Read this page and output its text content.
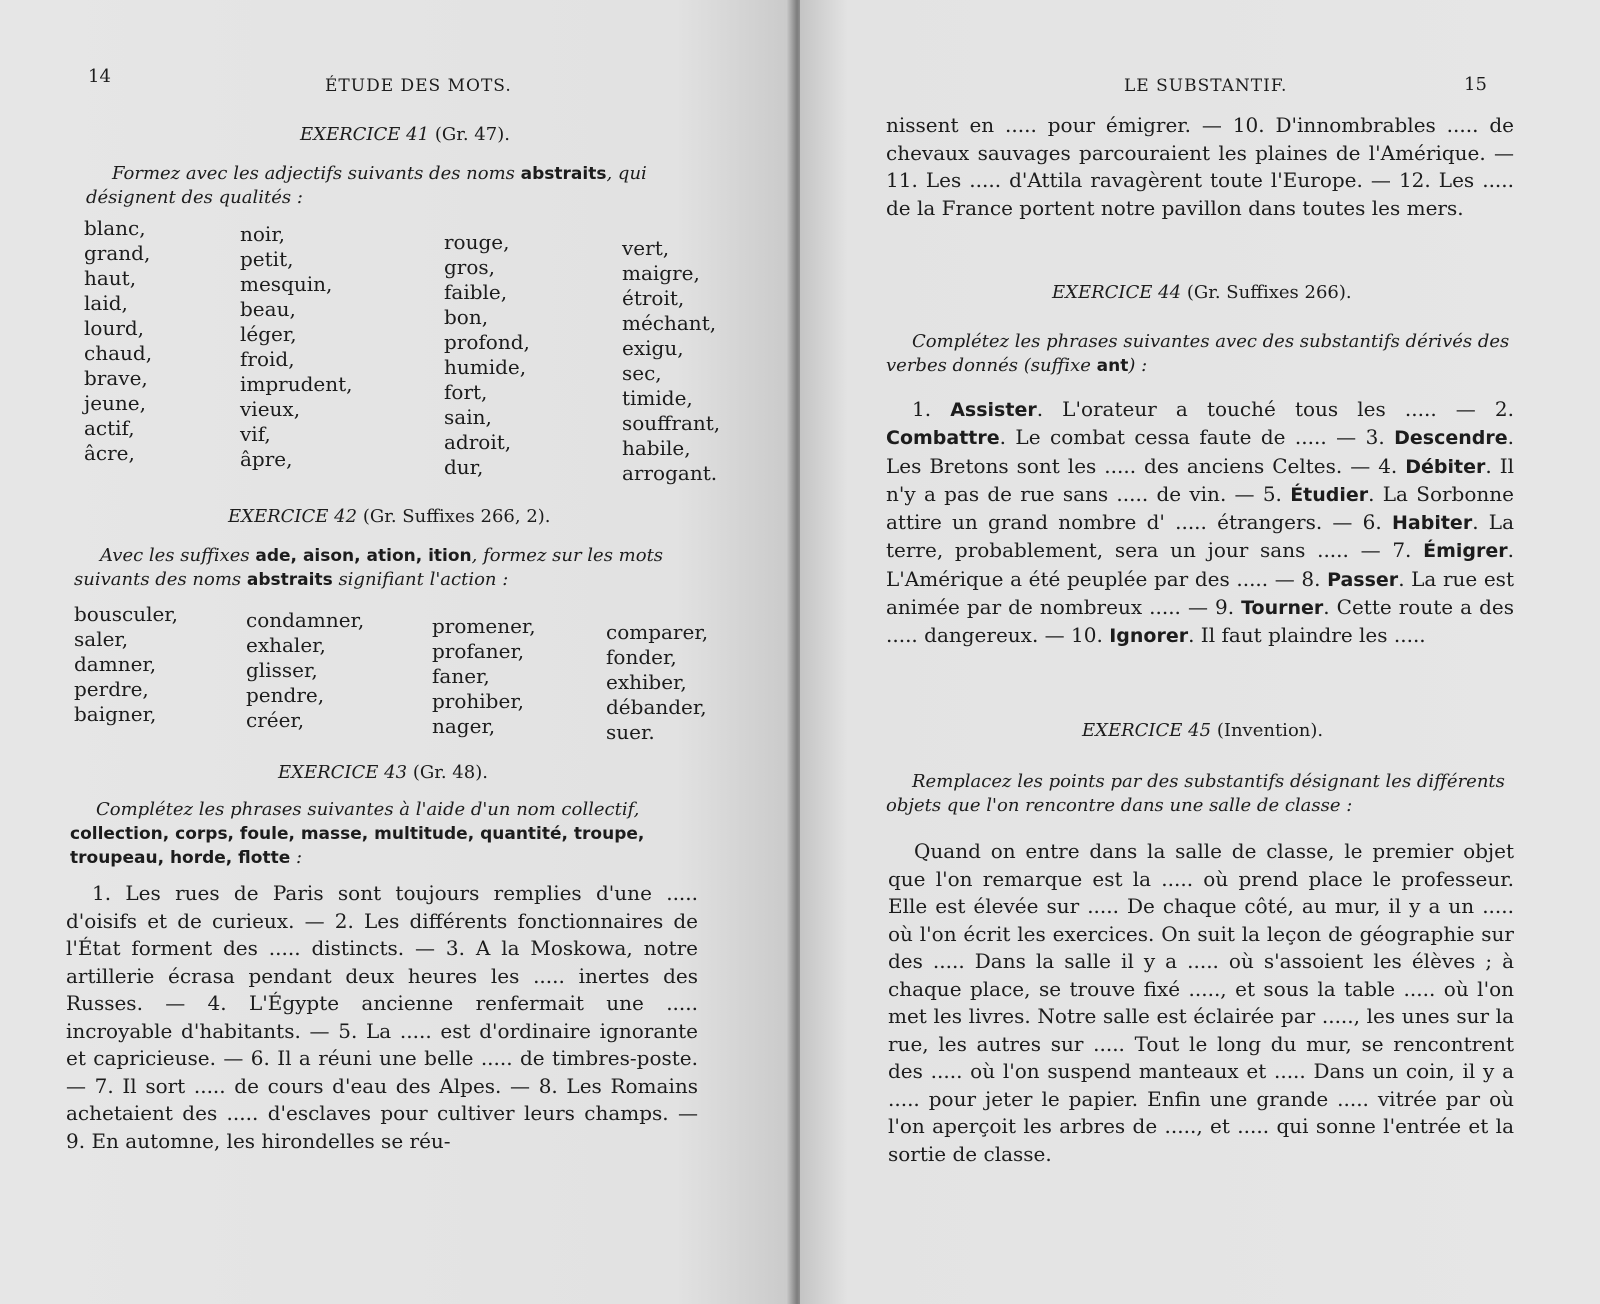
14	ÉTUDE DES MOTS.
EXERCICE 41 (Gr. 47).

Formez avec les adjectifs suivants des noms abstraits, qui désignent des qualités :

blanc,
grand,
haut,
laid,
lourd,
chaud,
brave,
jeune,
actif,
âcre,
noir,
petit,
mesquin,
beau,
léger,
froid,
imprudent,
vieux,
vif,
âpre,
rouge,
gros,
faible,
bon,
profond,
humide,
fort,
sain,
adroit,
dur,
vert,
maigre,
étroit,
méchant,
exigu,
sec,
timide,
souffrant,
habile,
arrogant.
EXERCICE 42 (Gr. Suffixes 266, 2).

Avec les suffixes ade, aison, ation, ition, formez sur les mots suivants des noms abstraits signifiant l'action :

bousculer,
saler,
damner,
perdre,
baigner,
condamner,
exhaler,
glisser,
pendre,
créer,
promener,
profaner,
faner,
prohiber,
nager,
comparer,
fonder,
exhiber,
débander,
suer.
EXERCICE 43 (Gr. 48).

Complétez les phrases suivantes à l'aide d'un nom collectif, collection, corps, foule, masse, multitude, quantité, troupe, troupeau, horde, flotte :

1. Les rues de Paris sont toujours remplies d'une ..... d'oisifs et de curieux. — 2. Les différents fonctionnaires de l'État forment des ..... distincts. — 3. A la Moskowa, notre artillerie écrasa pendant deux heures les ..... inertes des Russes. — 4. L'Égypte ancienne renfermait une ..... incroyable d'habitants. — 5. La ..... est d'ordinaire ignorante et capricieuse. — 6. Il a réuni une belle ..... de timbres-poste. — 7. Il sort ..... de cours d'eau des Alpes. — 8. Les Romains achetaient des ..... d'esclaves pour cultiver leurs champs. — 9. En automne, les hirondelles se réu-

LE SUBSTANTIF.	15

nissent en ..... pour émigrer. — 10. D'innombrables ..... de chevaux sauvages parcouraient les plaines de l'Amérique. — 11. Les ..... d'Attila ravagèrent toute l'Europe. — 12. Les ..... de la France portent notre pavillon dans toutes les mers.

EXERCICE 44 (Gr. Suffixes 266).

Complétez les phrases suivantes avec des substantifs dérivés des verbes donnés (suffixe ant) :

1. Assister. L'orateur a touché tous les ..... — 2. Combattre. Le combat cessa faute de ..... — 3. Descendre. Les Bretons sont les ..... des anciens Celtes. — 4. Débiter. Il n'y a pas de rue sans ..... de vin. — 5. Étudier. La Sorbonne attire un grand nombre d' ..... étrangers. — 6. Habiter. La terre, probablement, sera un jour sans ..... — 7. Émigrer. L'Amérique a été peuplée par des ..... — 8. Passer. La rue est animée par de nombreux ..... — 9. Tourner. Cette route a des ..... dangereux. — 10. Ignorer. Il faut plaindre les .....

EXERCICE 45 (Invention).

Remplacez les points par des substantifs désignant les différents objets que l'on rencontre dans une salle de classe :

Quand on entre dans la salle de classe, le premier objet que l'on remarque est la ..... où prend place le professeur. Elle est élevée sur ..... De chaque côté, au mur, il y a un ..... où l'on écrit les exercices. On suit la leçon de géographie sur des ..... Dans la salle il y a ..... où s'assoient les élèves ; à chaque place, se trouve fixé ....., et sous la table ..... où l'on met les livres. Notre salle est éclairée par ....., les unes sur la rue, les autres sur ..... Tout le long du mur, se rencontrent des ..... où l'on suspend manteaux et ..... Dans un coin, il y a ..... pour jeter le papier. Enfin une grande ..... vitrée par où l'on aperçoit les arbres de ....., et ..... qui sonne l'entrée et la sortie de classe.
